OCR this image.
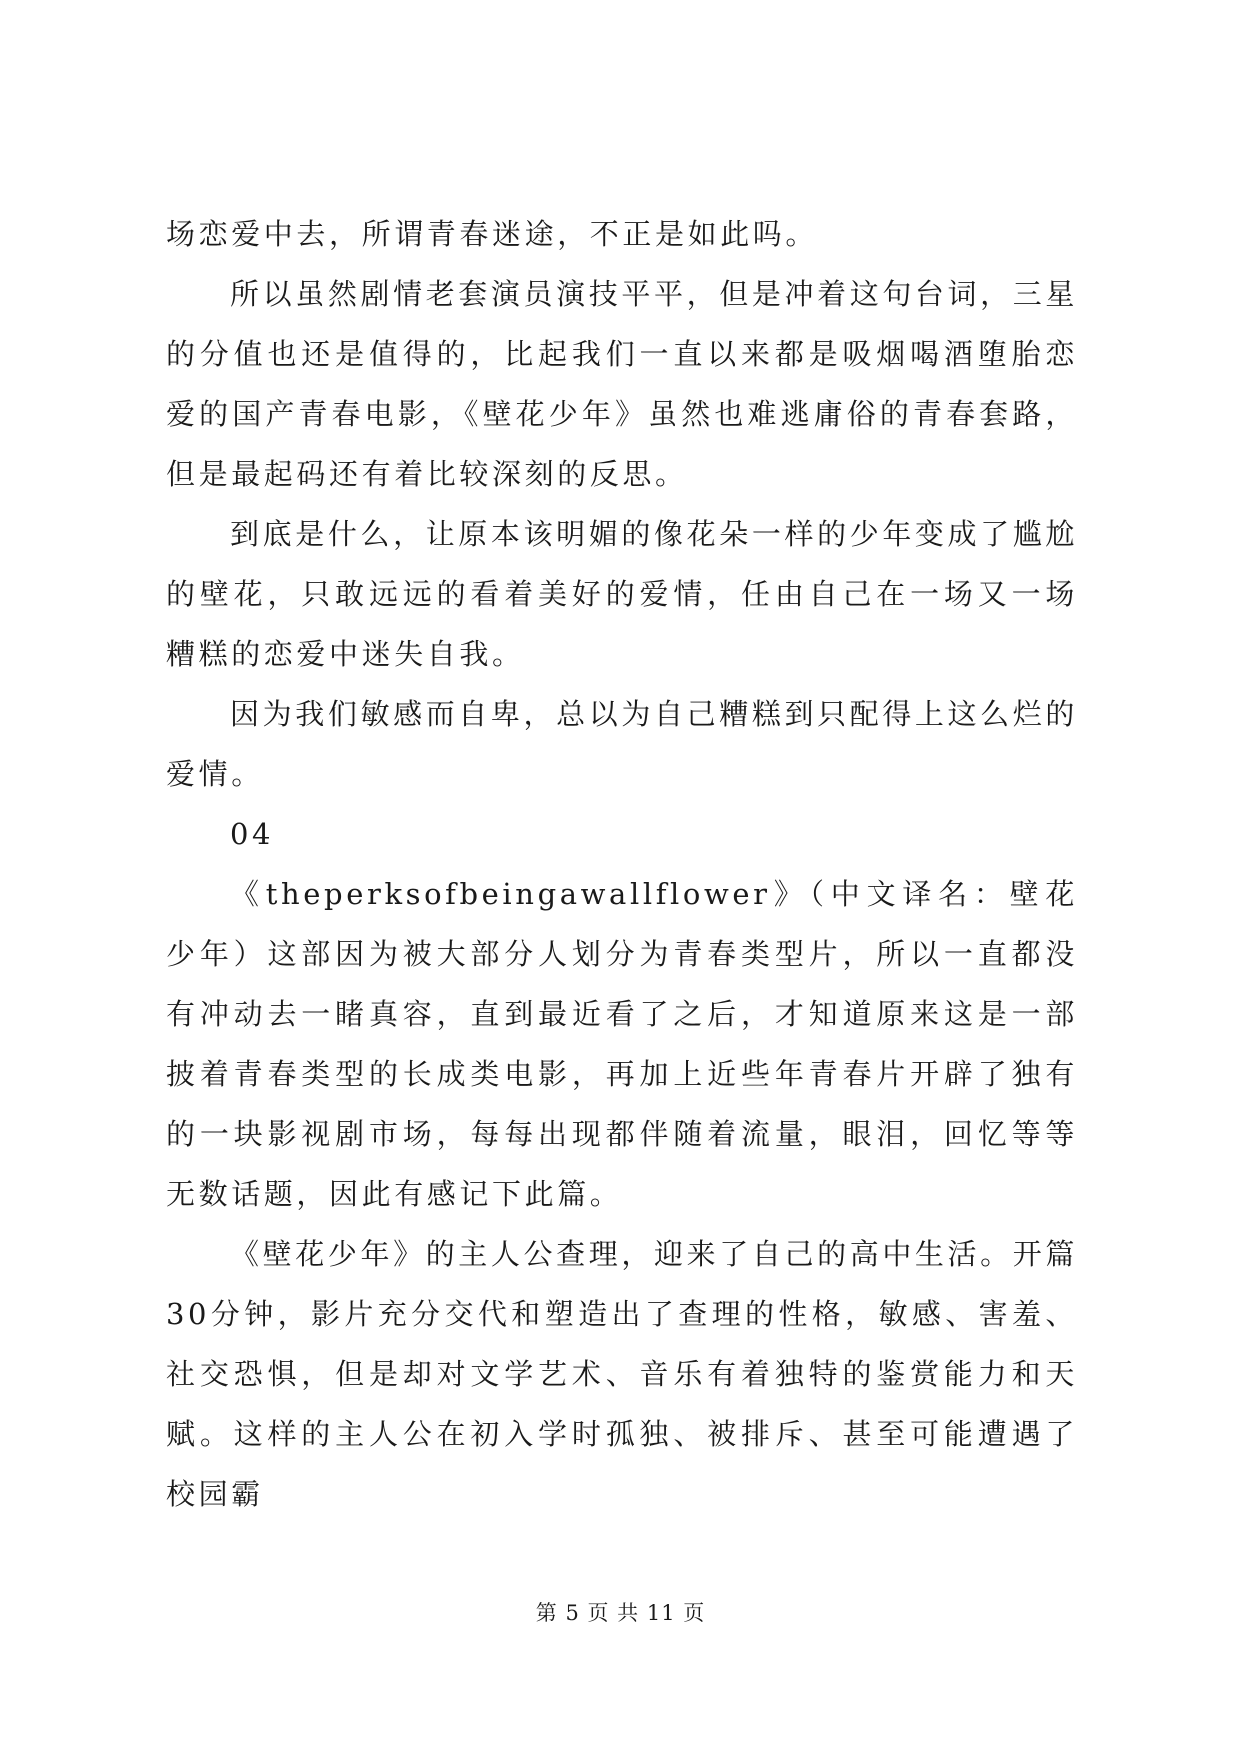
场恋爱中去，所谓青春迷途，不正是如此吗。

所以虽然剧情老套演员演技平平，但是冲着这句台词，三星的分值也还是值得的，比起我们一直以来都是吸烟喝酒堕胎恋爱的国产青春电影，《壁花少年》虽然也难逃庸俗的青春套路，但是最起码还有着比较深刻的反思。

到底是什么，让原本该明媚的像花朵一样的少年变成了尴尬的壁花，只敢远远的看着美好的爱情，任由自己在一场又一场糟糕的恋爱中迷失自我。

因为我们敏感而自卑，总以为自己糟糕到只配得上这么烂的爱情。

04

《theperksofbeingawallflower》（中文译名：壁花少年）这部因为被大部分人划分为青春类型片，所以一直都没有冲动去一睹真容，直到最近看了之后，才知道原来这是一部披着青春类型的长成类电影，再加上近些年青春片开辟了独有的一块影视剧市场，每每出现都伴随着流量，眼泪，回忆等等无数话题，因此有感记下此篇。

《壁花少年》的主人公查理，迎来了自己的高中生活。开篇30分钟，影片充分交代和塑造出了查理的性格，敏感、害羞、社交恐惧，但是却对文学艺术、音乐有着独特的鉴赏能力和天赋。这样的主人公在初入学时孤独、被排斥、甚至可能遭遇了校园霸

第 5 页 共 11 页
